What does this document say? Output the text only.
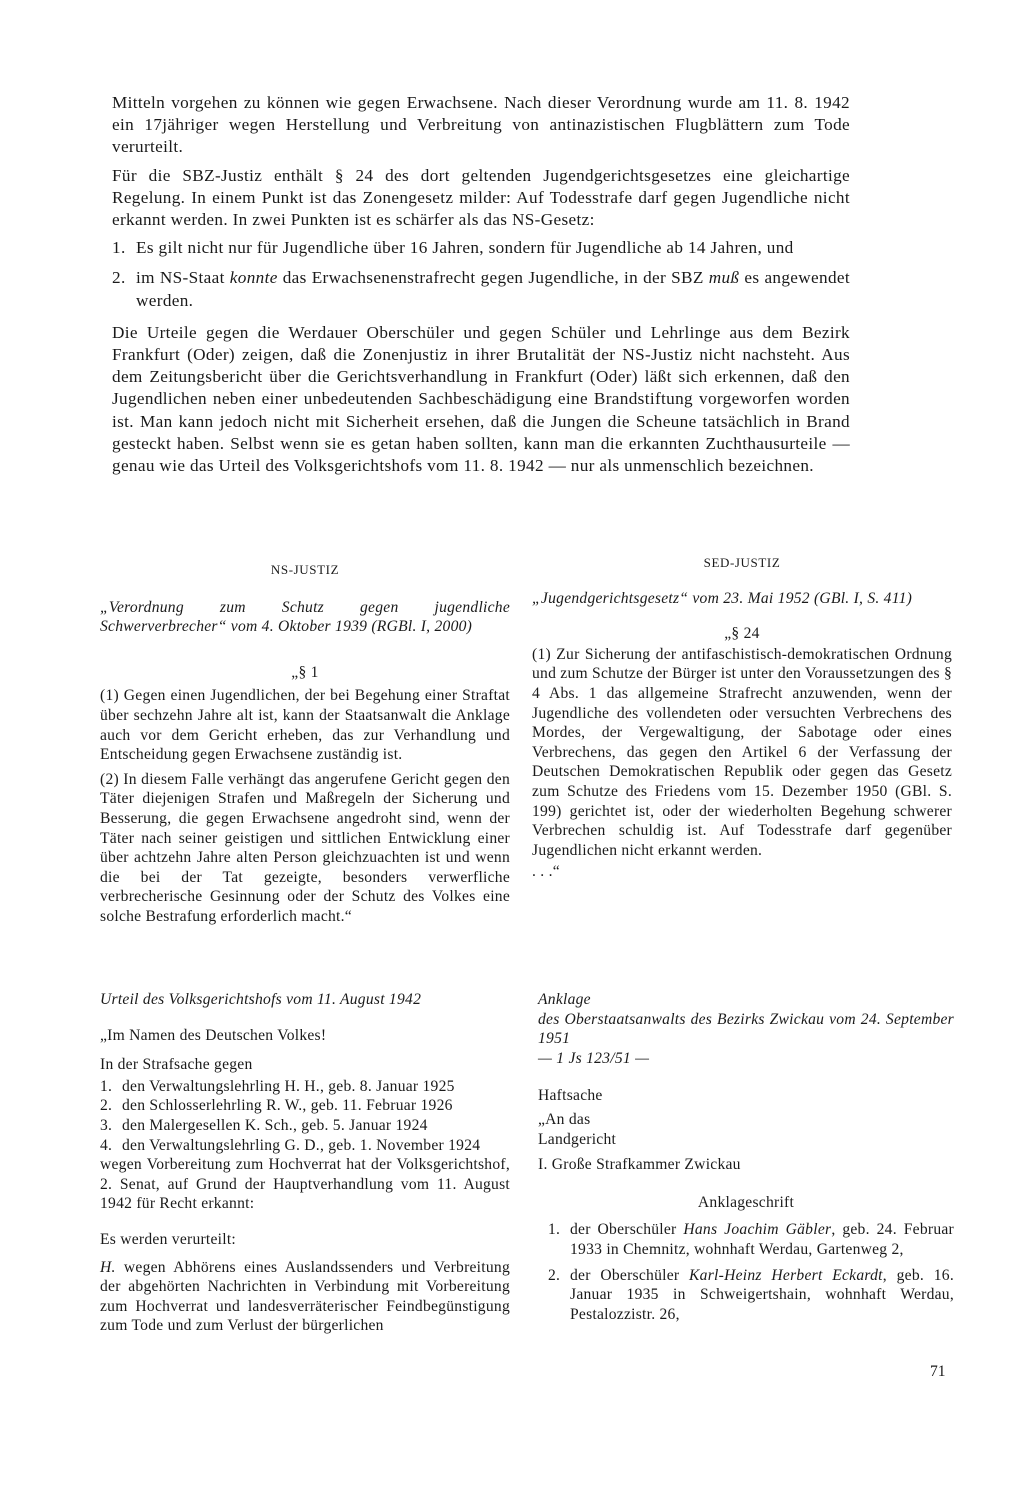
Mitteln vorgehen zu können wie gegen Erwachsene. Nach dieser Verordnung wurde am 11. 8. 1942 ein 17jähriger wegen Herstellung und Verbreitung von antinazistischen Flugblättern zum Tode verurteilt.

Für die SBZ-Justiz enthält § 24 des dort geltenden Jugendgerichtsgesetzes eine gleichartige Regelung. In einem Punkt ist das Zonengesetz milder: Auf Todesstrafe darf gegen Jugendliche nicht erkannt werden. In zwei Punkten ist es schärfer als das NS-Gesetz:

1. Es gilt nicht nur für Jugendliche über 16 Jahren, sondern für Jugendliche ab 14 Jahren, und
2. im NS-Staat konnte das Erwachsenenstrafrecht gegen Jugendliche, in der SBZ muß es angewendet werden.

Die Urteile gegen die Werdauer Oberschüler und gegen Schüler und Lehrlinge aus dem Bezirk Frankfurt (Oder) zeigen, daß die Zonenjustiz in ihrer Brutalität der NS-Justiz nicht nachsteht. Aus dem Zeitungsbericht über die Gerichtsverhandlung in Frankfurt (Oder) läßt sich erkennen, daß den Jugendlichen neben einer unbedeutenden Sachbeschädigung eine Brandstiftung vorgeworfen worden ist. Man kann jedoch nicht mit Sicherheit ersehen, daß die Jungen die Scheune tatsächlich in Brand gesteckt haben. Selbst wenn sie es getan haben sollten, kann man die erkannten Zuchthausurteile — genau wie das Urteil des Volksgerichtshofs vom 11. 8. 1942 — nur als unmenschlich bezeichnen.

NS-JUSTIZ

„Verordnung zum Schutz gegen jugendliche Schwerverbrecher“ vom 4. Oktober 1939 (RGBl. I, 2000)

„§ 1

(1) Gegen einen Jugendlichen, der bei Begehung einer Straftat über sechzehn Jahre alt ist, kann der Staatsanwalt die Anklage auch vor dem Gericht erheben, das zur Verhandlung und Entscheidung gegen Erwachsene zuständig ist.

(2) In diesem Falle verhängt das angerufene Gericht gegen den Täter diejenigen Strafen und Maßregeln der Sicherung und Besserung, die gegen Erwachsene angedroht sind, wenn der Täter nach seiner geistigen und sittlichen Entwicklung einer über achtzehn Jahre alten Person gleichzuachten ist und wenn die bei der Tat gezeigte, besonders verwerfliche verbrecherische Gesinnung oder der Schutz des Volkes eine solche Bestrafung erforderlich macht.“

SED-JUSTIZ

„Jugendgerichtsgesetz“ vom 23. Mai 1952 (GBl. I, S. 411)

„§ 24

(1) Zur Sicherung der antifaschistisch-demokratischen Ordnung und zum Schutze der Bürger ist unter den Voraussetzungen des § 4 Abs. 1 das allgemeine Strafrecht anzuwenden, wenn der Jugendliche des vollendeten oder versuchten Verbrechens des Mordes, der Vergewaltigung, der Sabotage oder eines Verbrechens, das gegen den Artikel 6 der Verfassung der Deutschen Demokratischen Republik oder gegen das Gesetz zum Schutze des Friedens vom 15. Dezember 1950 (GBl. S. 199) gerichtet ist, oder der wiederholten Begehung schwerer Verbrechen schuldig ist. Auf Todesstrafe darf gegenüber Jugendlichen nicht erkannt werden.

. . .“

Urteil des Volksgerichtshofs vom 11. August 1942

„Im Namen des Deutschen Volkes!

In der Strafsache gegen

1. den Verwaltungslehrling H. H., geb. 8. Januar 1925
2. den Schlosserlehrling R. W., geb. 11. Februar 1926
3. den Malergesellen K. Sch., geb. 5. Januar 1924
4. den Verwaltungslehrling G. D., geb. 1. November 1924

wegen Vorbereitung zum Hochverrat hat der Volksgerichtshof, 2. Senat, auf Grund der Hauptverhandlung vom 11. August 1942 für Recht erkannt:

Es werden verurteilt:

H. wegen Abhörens eines Auslandssenders und Verbreitung der abgehörten Nachrichten in Verbindung mit Vorbereitung zum Hochverrat und landesverräterischer Feindbegünstigung zum Tode und zum Verlust der bürgerlichen

Anklage

des Oberstaatsanwalts des Bezirks Zwickau vom 24. September 1951

— 1 Js 123/51 —

Haftsache

„An das

Landgericht

I. Große Strafkammer Zwickau

Anklageschrift
1. der Oberschüler Hans Joachim Gäbler, geb. 24. Februar 1933 in Chemnitz, wohnhaft Werdau, Gartenweg 2,
2. der Oberschüler Karl-Heinz Herbert Eckardt, geb. 16. Januar 1935 in Schweigertshain, wohnhaft Werdau, Pestalozzistr. 26,
71
